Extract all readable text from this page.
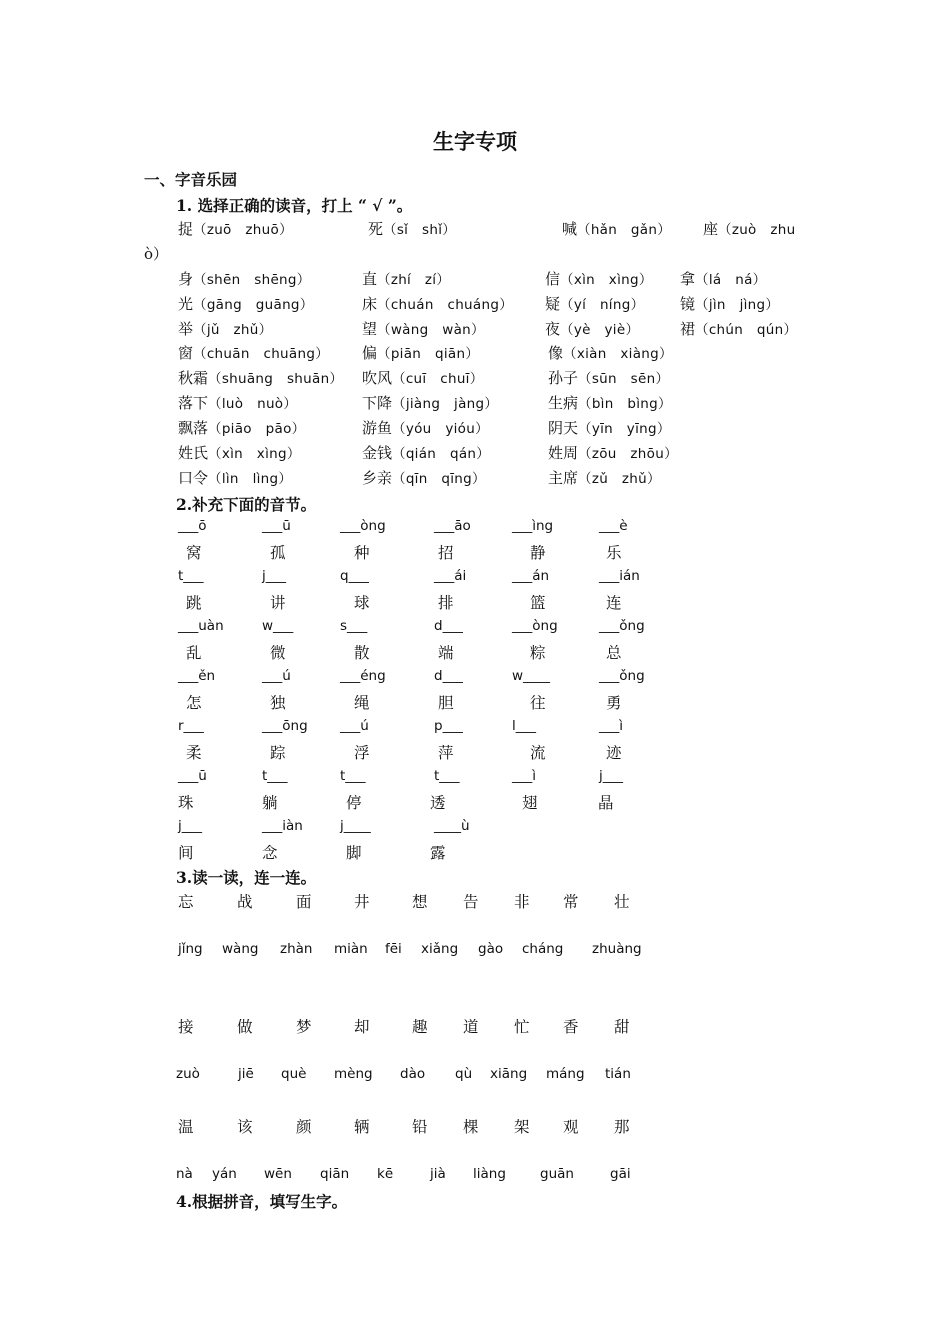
生字专项
一、字音乐园
1. 选择正确的读音，打上 “ √ ”。
捉（zuō　zhuō）	死（sǐ　shǐ）	喊（hǎn　gǎn） 座（zuò　zhu
ò）
身（shēn　shēng）	直（zhí　zí）	信（xìn　xìng） 拿（lá　ná）
光（gāng　guāng）	床（chuán　chuáng） 疑（yí　níng） 镜（jìn　jìng）
举（jǔ　zhǔ）	望（wàng　wàn）	夜（yè　yiè）	裙（chún　qún）
窗（chuān　chuāng） 偏（piān　qiān）	像（xiàn　xiàng）
秋霜（shuāng　shuān） 吹风（cuī　chuī）	孙子（sūn　sēn）
落下（luò　nuò）	下降（jiàng　jàng）	生病（bìn　bìng）
飘落（piāo　pāo）	游鱼（yóu　yióu）	阴天（yīn　yīng）
姓氏（xìn　xìng）	金钱（qián　qán）	姓周（zōu　zhōu）
口令（lìn　lìng）	乡亲（qīn　qīng）	主席（zǔ　zhǔ）
2.补充下面的音节。
___ō	___ū	___òng	___āo	___ìng	___è
窝	孤	种	招	静	乐
t___	j___	q___	___ái	___án	___ián
跳	讲	球	排	篮	连
___uàn	w___	s___	d___	___òng	___ǒng
乱	微	散	端	粽	总
___ěn	___ú	___éng	d___	w____	___ǒng
怎	独	绳	胆	往	勇
r___	___ōng ___ú	p___	l___	___ì
柔	踪	浮	萍	流	迹
___ū	t___	t___	t___	___ì	j___
珠	躺	停	透	翅	晶
j___	___iàn	j____	____ù
间	念	脚	露
3.读一读，连一连。
忘	战	面	井	想 告 非 常 壮
jǐng wàng zhàn miàn fēi xiǎng gào cháng zhuàng
接	做	梦	却	趣 道 忙 香 甜
zuò	jiē què mèng dào qù xiāng máng tián
温	该	颜	辆	铅 棵 架 观 那
nà yán wēn qiān kē	jià liàng	guān	gāi
4.根据拼音，填写生字。
